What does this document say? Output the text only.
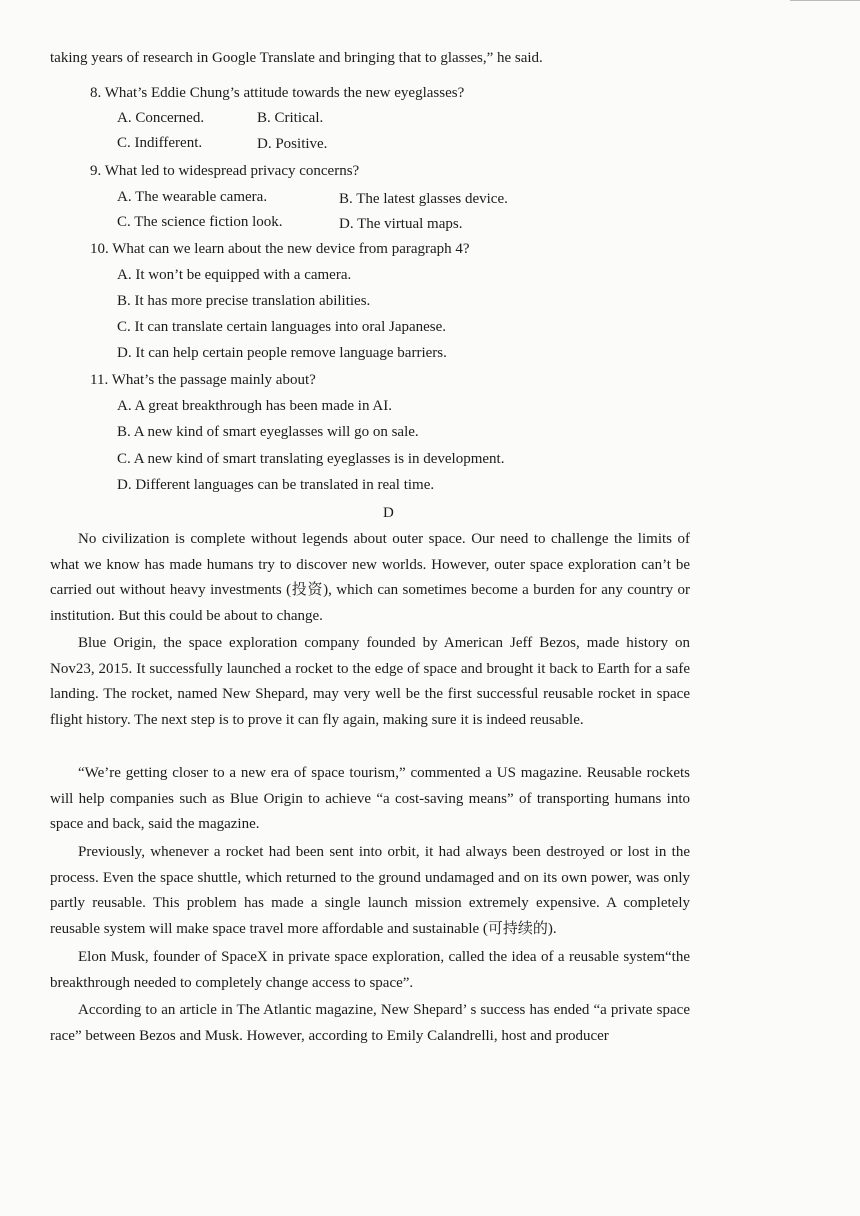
taking years of research in Google Translate and bringing that to glasses,” he said.
8. What’s Eddie Chung’s attitude towards the new eyeglasses?
A. Concerned.	B. Critical.
C. Indifferent.	D. Positive.
9. What led to widespread privacy concerns?
A. The wearable camera.	B. The latest glasses device.
C. The science fiction look.	D. The virtual maps.
10. What can we learn about the new device from paragraph 4?
A. It won’t be equipped with a camera.
B. It has more precise translation abilities.
C. It can translate certain languages into oral Japanese.
D. It can help certain people remove language barriers.
11. What’s the passage mainly about?
A. A great breakthrough has been made in AI.
B. A new kind of smart eyeglasses will go on sale.
C. A new kind of smart translating eyeglasses is in development.
D. Different languages can be translated in real time.
D
No civilization is complete without legends about outer space. Our need to challenge the limits of what we know has made humans try to discover new worlds. However, outer space exploration can’t be carried out without heavy investments (投资), which can sometimes become a burden for any country or institution. But this could be about to change.
Blue Origin, the space exploration company founded by American Jeff Bezos, made history on Nov23, 2015. It successfully launched a rocket to the edge of space and brought it back to Earth for a safe landing. The rocket, named New Shepard, may very well be the first successful reusable rocket in space flight history. The next step is to prove it can fly again, making sure it is indeed reusable.
“We’re getting closer to a new era of space tourism,” commented a US magazine. Reusable rockets will help companies such as Blue Origin to achieve “a cost-saving means” of transporting humans into space and back, said the magazine.
Previously, whenever a rocket had been sent into orbit, it had always been destroyed or lost in the process. Even the space shuttle, which returned to the ground undamaged and on its own power, was only partly reusable. This problem has made a single launch mission extremely expensive. A completely reusable system will make space travel more affordable and sustainable (可持续的).
Elon Musk, founder of SpaceX in private space exploration, called the idea of a reusable system“the breakthrough needed to completely change access to space”.
According to an article in The Atlantic magazine, New Shepard’ s success has ended “a private space race” between Bezos and Musk. However, according to Emily Calandrelli, host and producer
